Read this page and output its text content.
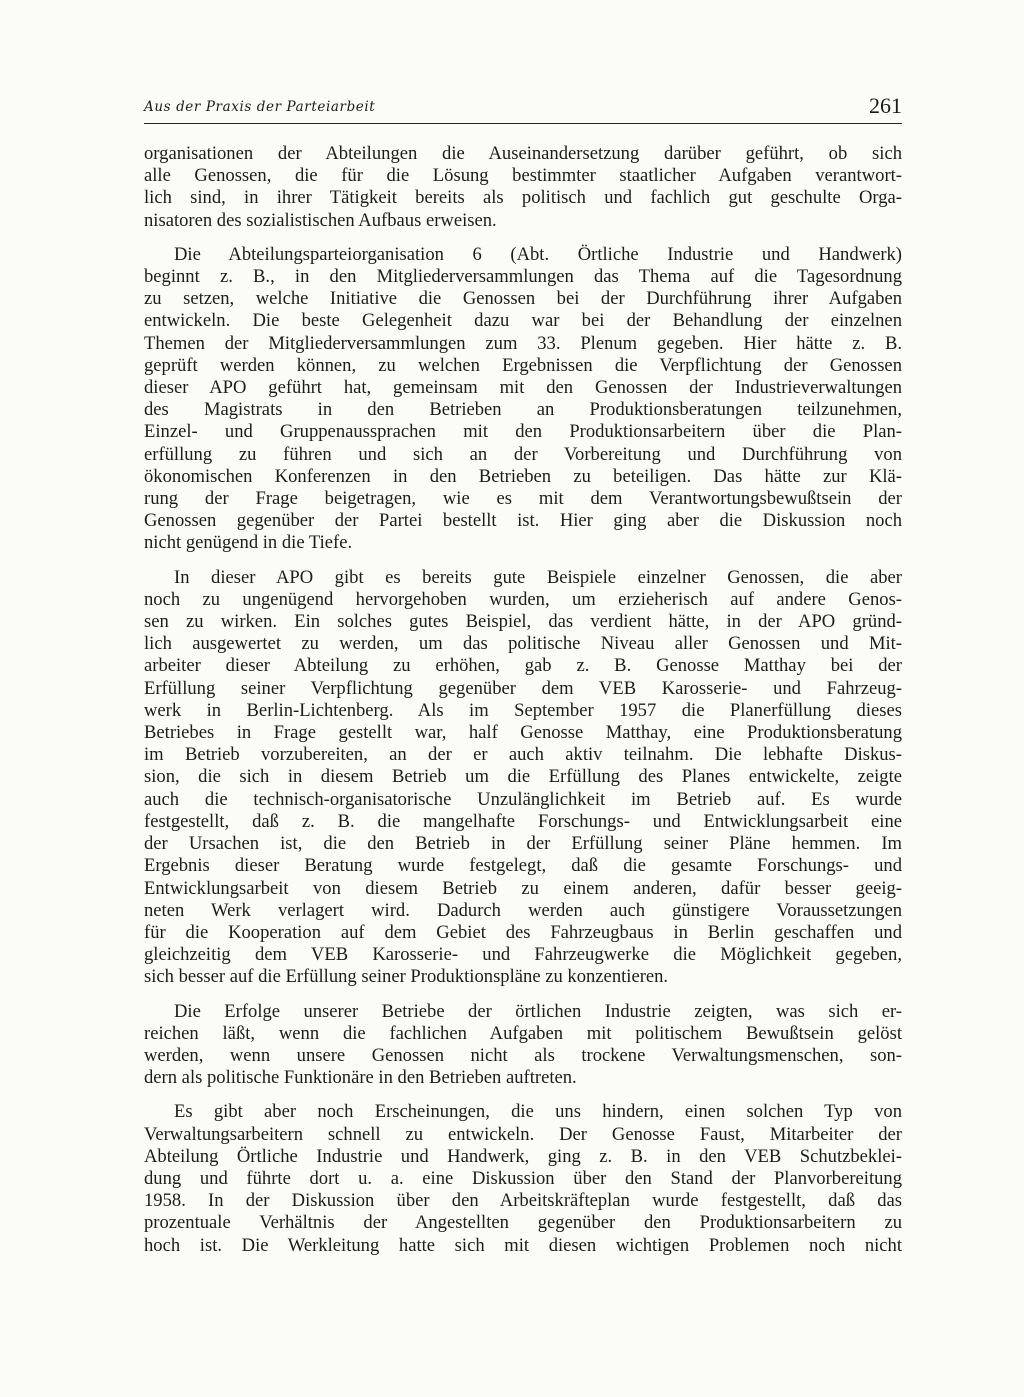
Aus der Praxis der Parteiarbeit	261
organisationen der Abteilungen die Auseinandersetzung darüber geführt, ob sich
alle Genossen, die für die Lösung bestimmter staatlicher Aufgaben verantwort-
lich sind, in ihrer Tätigkeit bereits als politisch und fachlich gut geschulte Orga-
nisatoren des sozialistischen Aufbaus erweisen.
Die Abteilungsparteiorganisation 6 (Abt. Örtliche Industrie und Handwerk)
beginnt z. B., in den Mitgliederversammlungen das Thema auf die Tagesordnung
zu setzen, welche Initiative die Genossen bei der Durchführung ihrer Aufgaben
entwickeln. Die beste Gelegenheit dazu war bei der Behandlung der einzelnen
Themen der Mitgliederversammlungen zum 33. Plenum gegeben. Hier hätte z. B.
geprüft werden können, zu welchen Ergebnissen die Verpflichtung der Genossen
dieser APO geführt hat, gemeinsam mit den Genossen der Industrieverwaltungen
des Magistrats in den Betrieben an Produktionsberatungen teilzunehmen,
Einzel- und Gruppenaussprachen mit den Produktionsarbeitern über die Plan-
erfüllung zu führen und sich an der Vorbereitung und Durchführung von
ökonomischen Konferenzen in den Betrieben zu beteiligen. Das hätte zur Klä-
rung der Frage beigetragen, wie es mit dem Verantwortungsbewußtsein der
Genossen gegenüber der Partei bestellt ist. Hier ging aber die Diskussion noch
nicht genügend in die Tiefe.
In dieser APO gibt es bereits gute Beispiele einzelner Genossen, die aber
noch zu ungenügend hervorgehoben wurden, um erzieherisch auf andere Genos-
sen zu wirken. Ein solches gutes Beispiel, das verdient hätte, in der APO gründ-
lich ausgewertet zu werden, um das politische Niveau aller Genossen und Mit-
arbeiter dieser Abteilung zu erhöhen, gab z. B. Genosse Matthay bei der
Erfüllung seiner Verpflichtung gegenüber dem VEB Karosserie- und Fahrzeug-
werk in Berlin-Lichtenberg. Als im September 1957 die Planerfüllung dieses
Betriebes in Frage gestellt war, half Genosse Matthay, eine Produktionsberatung
im Betrieb vorzubereiten, an der er auch aktiv teilnahm. Die lebhafte Diskus-
sion, die sich in diesem Betrieb um die Erfüllung des Planes entwickelte, zeigte
auch die technisch-organisatorische Unzulänglichkeit im Betrieb auf. Es wurde
festgestellt, daß z. B. die mangelhafte Forschungs- und Entwicklungsarbeit eine
der Ursachen ist, die den Betrieb in der Erfüllung seiner Pläne hemmen. Im
Ergebnis dieser Beratung wurde festgelegt, daß die gesamte Forschungs- und
Entwicklungsarbeit von diesem Betrieb zu einem anderen, dafür besser geeig-
neten Werk verlagert wird. Dadurch werden auch günstigere Voraussetzungen
für die Kooperation auf dem Gebiet des Fahrzeugbaus in Berlin geschaffen und
gleichzeitig dem VEB Karosserie- und Fahrzeugwerke die Möglichkeit gegeben,
sich besser auf die Erfüllung seiner Produktionspläne zu konzentieren.
Die Erfolge unserer Betriebe der örtlichen Industrie zeigten, was sich er-
reichen läßt, wenn die fachlichen Aufgaben mit politischem Bewußtsein gelöst
werden, wenn unsere Genossen nicht als trockene Verwaltungsmenschen, son-
dern als politische Funktionäre in den Betrieben auftreten.
Es gibt aber noch Erscheinungen, die uns hindern, einen solchen Typ von
Verwaltungsarbeitern schnell zu entwickeln. Der Genosse Faust, Mitarbeiter der
Abteilung Örtliche Industrie und Handwerk, ging z. B. in den VEB Schutzbeklei-
dung und führte dort u. a. eine Diskussion über den Stand der Planvorbereitung
1958. In der Diskussion über den Arbeitskräfteplan wurde festgestellt, daß das
prozentuale Verhältnis der Angestellten gegenüber den Produktionsarbeitern zu
hoch ist. Die Werkleitung hatte sich mit diesen wichtigen Problemen noch nicht
